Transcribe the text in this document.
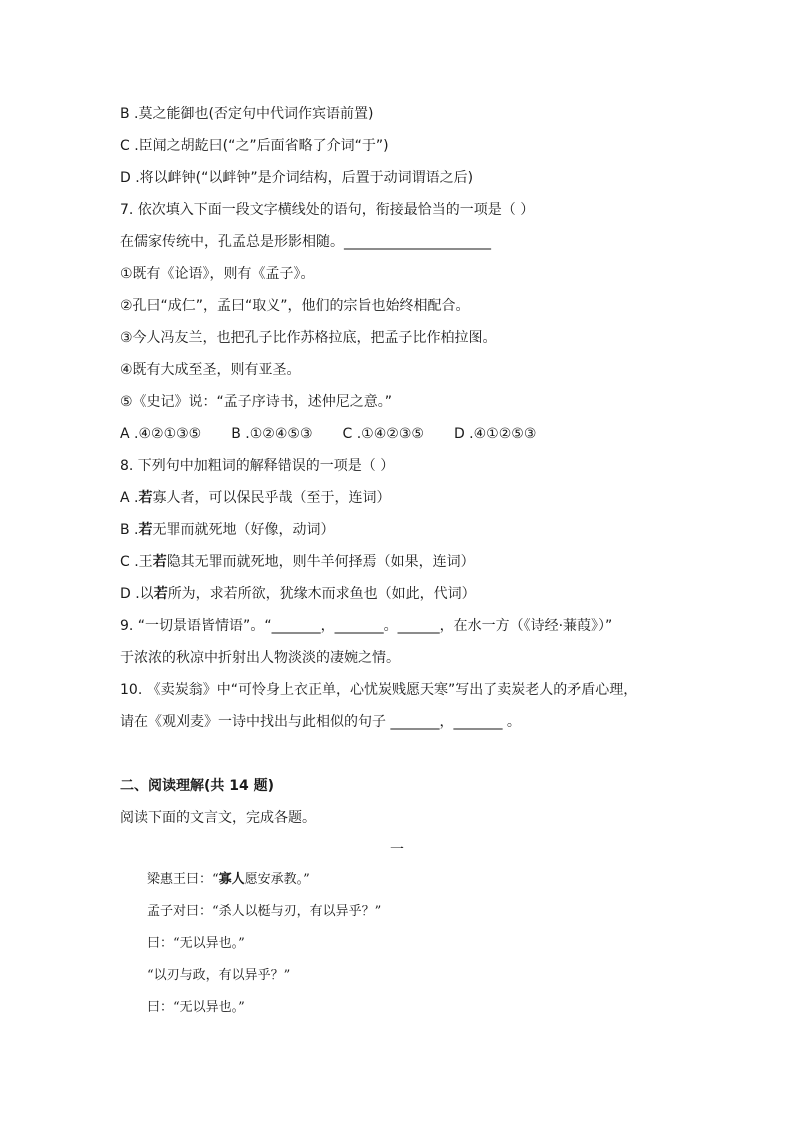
B .莫之能御也(否定句中代词作宾语前置)
C .臣闻之胡龁曰(“之”后面省略了介词“于”)
D .将以衅钟(“以衅钟”是介词结构，后置于动词谓语之后)
7. 依次填入下面一段文字横线处的语句，衔接最恰当的一项是（ ）
在儒家传统中，孔孟总是形影相随。_____________________
①既有《论语》，则有《孟子》。
②孔曰“成仁”，孟曰“取义”，他们的宗旨也始终相配合。
③今人冯友兰，也把孔子比作苏格拉底，把孟子比作柏拉图。
④既有大成至圣，则有亚圣。
⑤《史记》说：“孟子序诗书，述仲尼之意。”
A .④②①③⑤ B .①②④⑤③ C .①④②③⑤ D .④①②⑤③
8. 下列句中加粗词的解释错误的一项是（ ）
A .若寡人者，可以保民乎哉（至于，连词）
B .若无罪而就死地（好像，动词）
C .王若隐其无罪而就死地，则牛羊何择焉（如果，连词）
D .以若所为，求若所欲，犹缘木而求鱼也（如此，代词）
9. “一切景语皆情语”。“_______，_______。______，在水一方（《诗经·蒹葭》）”
于浓浓的秋凉中折射出人物淡淡的凄婉之情。
10. 《卖炭翁》中“可怜身上衣正单，心忧炭贱愿天寒”写出了卖炭老人的矛盾心理，
请在《观刈麦》一诗中找出与此相似的句子 _______，_______ 。
二、阅读理解(共 14 题)
阅读下面的文言文，完成各题。
一
梁惠王曰：“寡人愿安承教。”
孟子对曰：“杀人以梃与刃，有以异乎？”
曰：“无以异也。”
“以刃与政，有以异乎？”
曰：“无以异也。”
